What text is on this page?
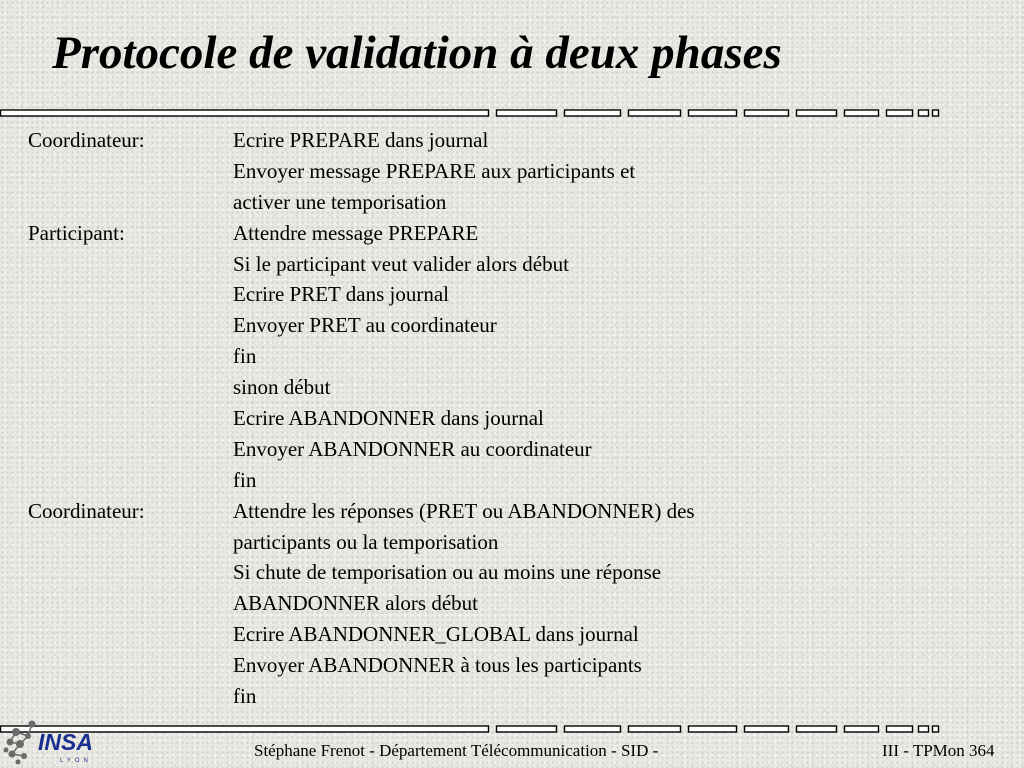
Protocole de validation à deux phases
Coordinateur:	Ecrire PREPARE dans journal
Envoyer message PREPARE aux participants et
activer une temporisation
Participant:	Attendre message PREPARE
Si le participant veut valider alors début
Ecrire PRET dans journal
Envoyer PRET au coordinateur
fin
sinon début
Ecrire ABANDONNER dans journal
Envoyer ABANDONNER au coordinateur
fin
Coordinateur:	Attendre les réponses (PRET ou ABANDONNER) des
participants ou la temporisation
Si chute de temporisation ou au moins une réponse
ABANDONNER alors début
Ecrire ABANDONNER_GLOBAL dans journal
Envoyer ABANDONNER à tous les participants
fin
INSA
LYON
Stéphane Frenot - Département Télécommunication - SID -	III - TPMon 364
